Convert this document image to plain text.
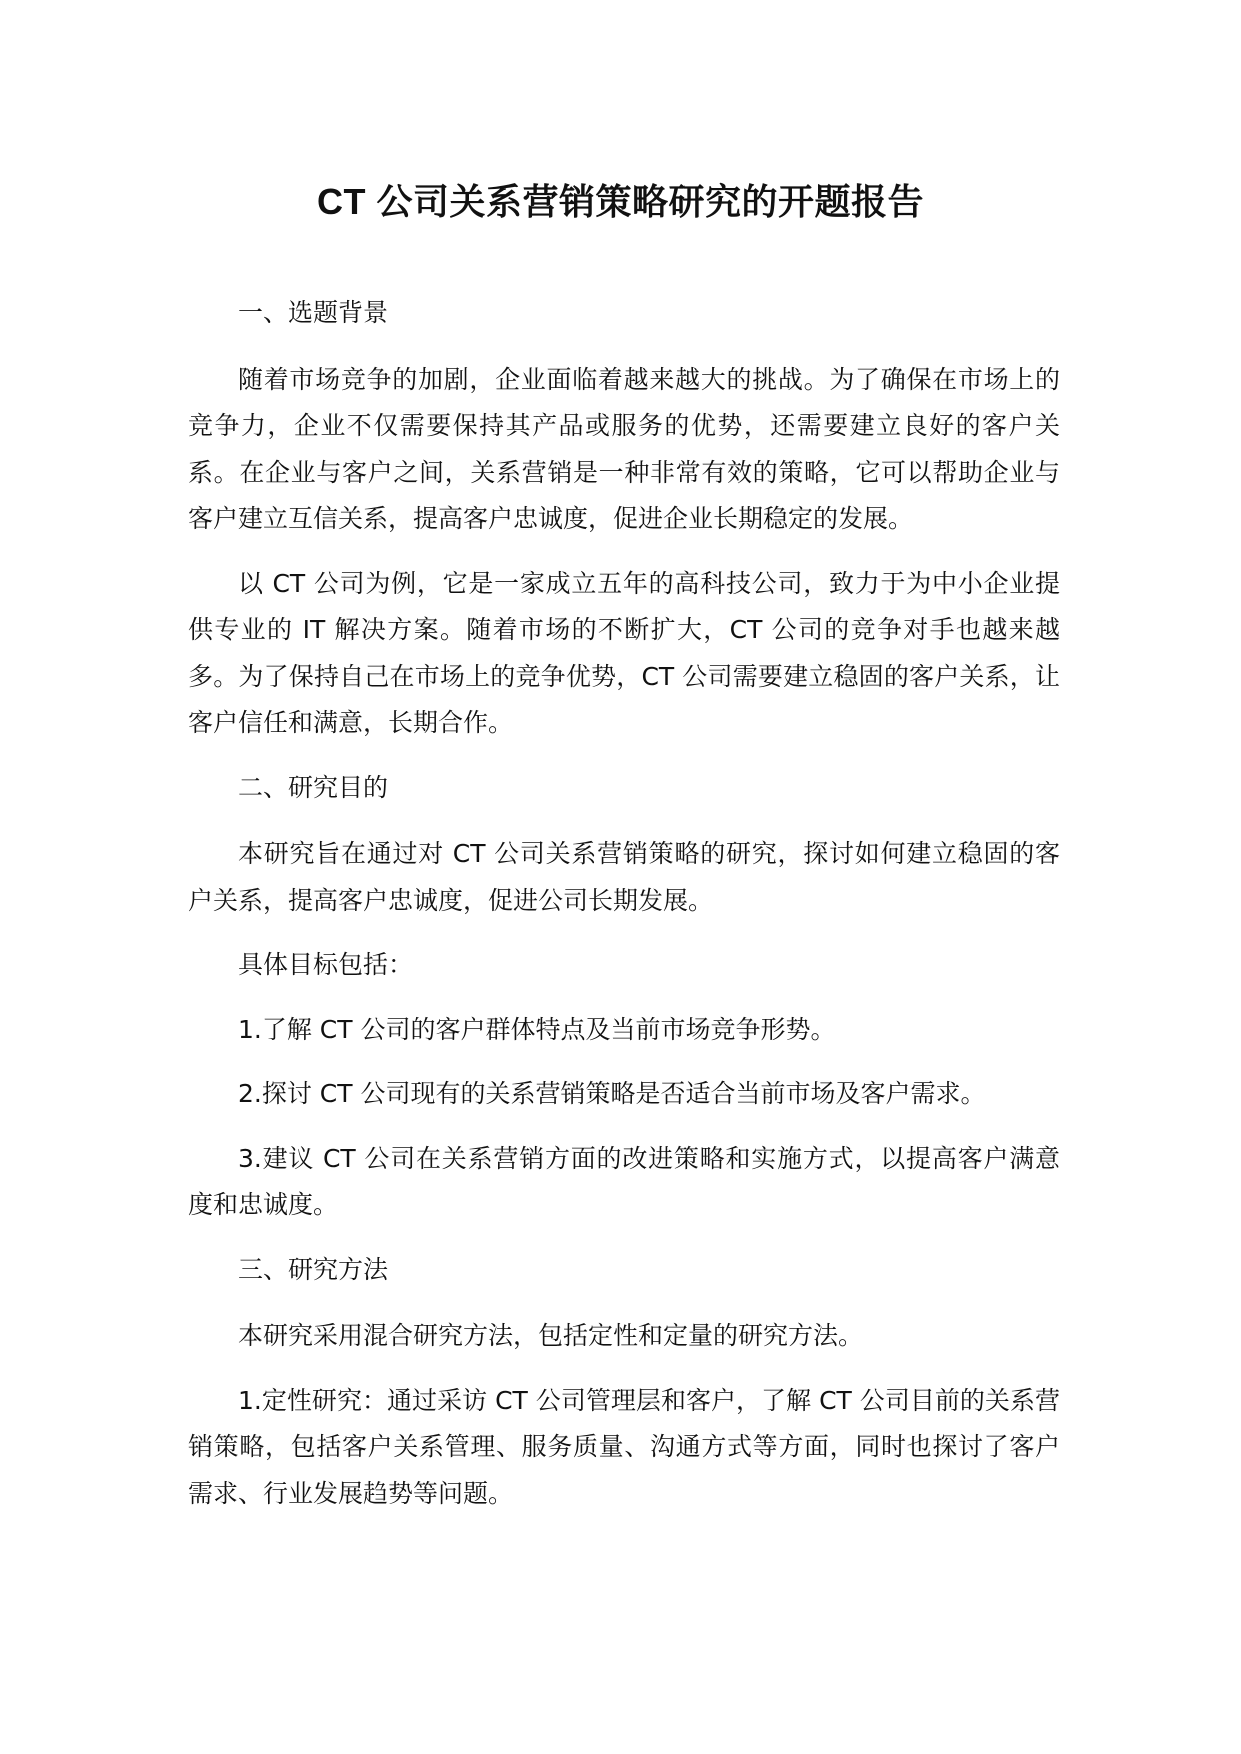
CT 公司关系营销策略研究的开题报告

一、选题背景

随着市场竞争的加剧，企业面临着越来越大的挑战。为了确保在市场上的竞争力，企业不仅需要保持其产品或服务的优势，还需要建立良好的客户关系。在企业与客户之间，关系营销是一种非常有效的策略，它可以帮助企业与客户建立互信关系，提高客户忠诚度，促进企业长期稳定的发展。

以 CT 公司为例，它是一家成立五年的高科技公司，致力于为中小企业提供专业的 IT 解决方案。随着市场的不断扩大，CT 公司的竞争对手也越来越多。为了保持自己在市场上的竞争优势，CT 公司需要建立稳固的客户关系，让客户信任和满意，长期合作。

二、研究目的

本研究旨在通过对 CT 公司关系营销策略的研究，探讨如何建立稳固的客户关系，提高客户忠诚度，促进公司长期发展。

具体目标包括：

1.了解 CT 公司的客户群体特点及当前市场竞争形势。

2.探讨 CT 公司现有的关系营销策略是否适合当前市场及客户需求。

3.建议 CT 公司在关系营销方面的改进策略和实施方式，以提高客户满意度和忠诚度。

三、研究方法

本研究采用混合研究方法，包括定性和定量的研究方法。

1.定性研究：通过采访 CT 公司管理层和客户，了解 CT 公司目前的关系营销策略，包括客户关系管理、服务质量、沟通方式等方面，同时也探讨了客户需求、行业发展趋势等问题。
